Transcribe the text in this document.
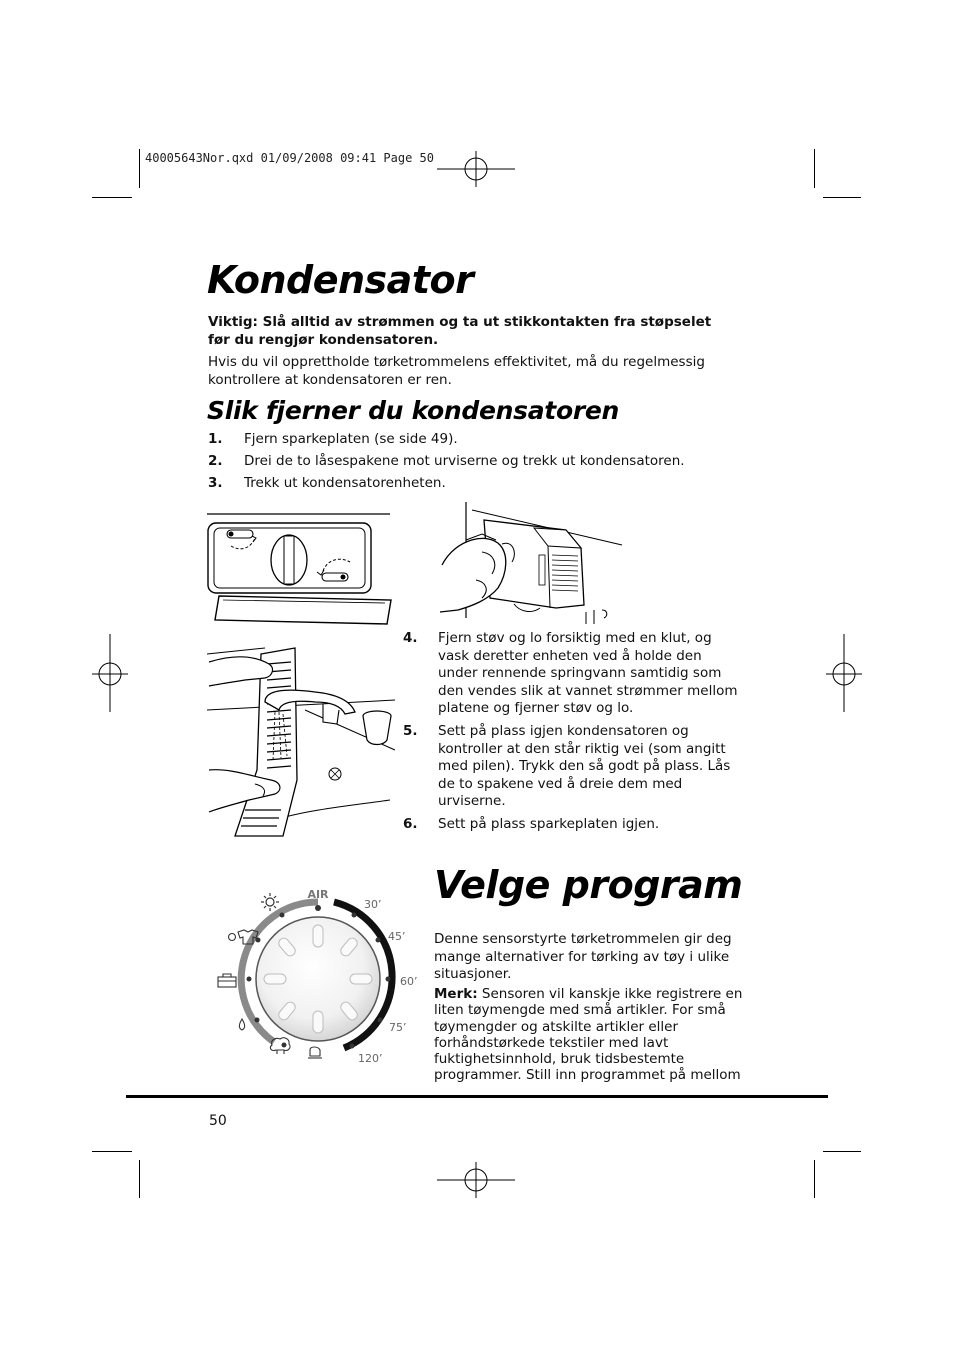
40005643Nor.qxd 01/09/2008 09:41 Page 50
Kondensator

Viktig: Slå alltid av strømmen og ta ut stikkontakten fra støpselet før du rengjør kondensatoren.

Hvis du vil opprettholde tørketrommelens effektivitet, må du regelmessig kontrollere at kondensatoren er ren.

Slik fjerner du kondensatoren
1. Fjern sparkeplaten (se side 49).
2. Drei de to låsespakene mot urviserne og trekk ut kondensatoren.
3. Trekk ut kondensatorenheten.
4. Fjern støv og lo forsiktig med en klut, og vask deretter enheten ved å holde den under rennende springvann samtidig som den vendes slik at vannet strømmer mellom platene og fjerner støv og lo.
5. Sett på plass igjen kondensatoren og kontroller at den står riktig vei (som angitt med pilen). Trykk den så godt på plass. Lås de to spakene ved å dreie dem med urviserne.
6. Sett på plass sparkeplaten igjen.
AIR
30’
45’
60’
75’
120’
Velge program

Denne sensorstyrte tørketrommelen gir deg mange alternativer for tørking av tøy i ulike situasjoner.

Merk: Sensoren vil kanskje ikke registrere en liten tøymengde med små artikler. For små tøymengder og atskilte artikler eller forhåndstørkede tekstiler med lavt fuktighetsinnhold, bruk tidsbestemte programmer. Still inn programmet på mellom

50
